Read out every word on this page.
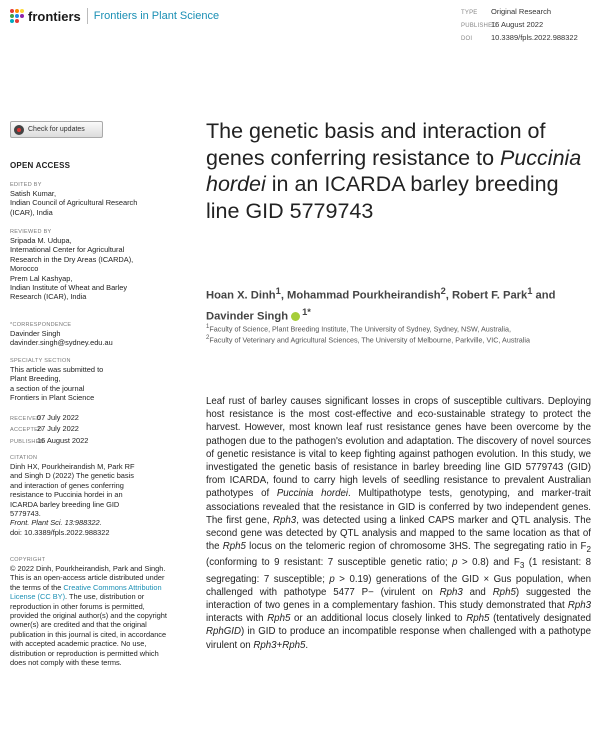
frontiers Frontiers in Plant Science	TYPE Original Research
PUBLISHED16 August 2022
DOI 10.3389/fpls.2022.988322
Check for updates
OPEN ACCESS
EDITED BY

Satish Kumar,

Indian Council of Agricultural Research

(ICAR), India

REVIEWED BY

Sripada M. Udupa,

International Center for Agricultural

Research in the Dry Areas (ICARDA),

Morocco

Prem Lal Kashyap,

Indian Institute of Wheat and Barley

Research (ICAR), India

*CORRESPONDENCE

Davinder Singh

davinder.singh@sydney.edu.au

SPECIALTY SECTION

This article was submitted to

Plant Breeding,

a section of the journal

Frontiers in Plant Science

RECEIVED07 July 2022

ACCEPTED27 July 2022

PUBLISHED16 August 2022

CITATION

Dinh HX, Pourkheirandish M, Park RF

and Singh D (2022) The genetic basis

and interaction of genes conferring

resistance to Puccinia hordei in an

ICARDA barley breeding line GID

5779743.

Front. Plant Sci. 13:988322.

doi: 10.3389/fpls.2022.988322

COPYRIGHT

© 2022 Dinh, Pourkheirandish, Park and Singh. This is an open-access article distributed under the terms of the Creative Commons Attribution License (CC BY). The use, distribution or reproduction in other forums is permitted, provided the original author(s) and the copyright owner(s) are credited and that the original publication in this journal is cited, in accordance with accepted academic practice. No use, distribution or reproduction is permitted which does not comply with these terms.

The genetic basis and interaction of genes conferring resistance to Puccinia hordei in an ICARDA barley breeding line GID 5779743
Hoan X. Dinh$^1$, Mohammad Pourkheirandish$^2$, Robert F. Park$^1$ and Davinder Singh $^{1*}$
$^1$Faculty of Science, Plant Breeding Institute, The University of Sydney, Sydney, NSW, Australia,
$^2$Faculty of Veterinary and Agricultural Sciences, The University of Melbourne, Parkville, VIC, Australia

Leaf rust of barley causes significant losses in crops of susceptible cultivars. Deploying host resistance is the most cost-effective and eco-sustainable strategy to protect the harvest. However, most known leaf rust resistance genes have been overcome by the pathogen due to the pathogen's evolution and adaptation. The discovery of novel sources of genetic resistance is vital to keep fighting against pathogen evolution. In this study, we investigated the genetic basis of resistance in barley breeding line GID 5779743 (GID) from ICARDA, found to carry high levels of seedling resistance to prevalent Australian pathotypes of Puccinia hordei. Multipathotype tests, genotyping, and marker-trait associations revealed that the resistance in GID is conferred by two independent genes. The first gene, Rph3, was detected using a linked CAPS marker and QTL analysis. The second gene was detected by QTL analysis and mapped to the same location as that of the Rph5 locus on the telomeric region of chromosome 3HS. The segregating ratio in $F_2$ (conforming to 9 resistant: 7 susceptible genetic ratio; p > 0.8) and $F_3$ (1 resistant: 8 segregating: 7 susceptible; p > 0.19) generations of the GID × Gus population, when challenged with pathotype 5477 P− (virulent on Rph3 and Rph5) suggested the interaction of two genes in a complementary fashion. This study demonstrated that Rph3 interacts with Rph5 or an additional locus closely linked to Rph5 (tentatively designated RphGID) in GID to produce an incompatible response when challenged with a pathotype virulent on Rph3+Rph5.
